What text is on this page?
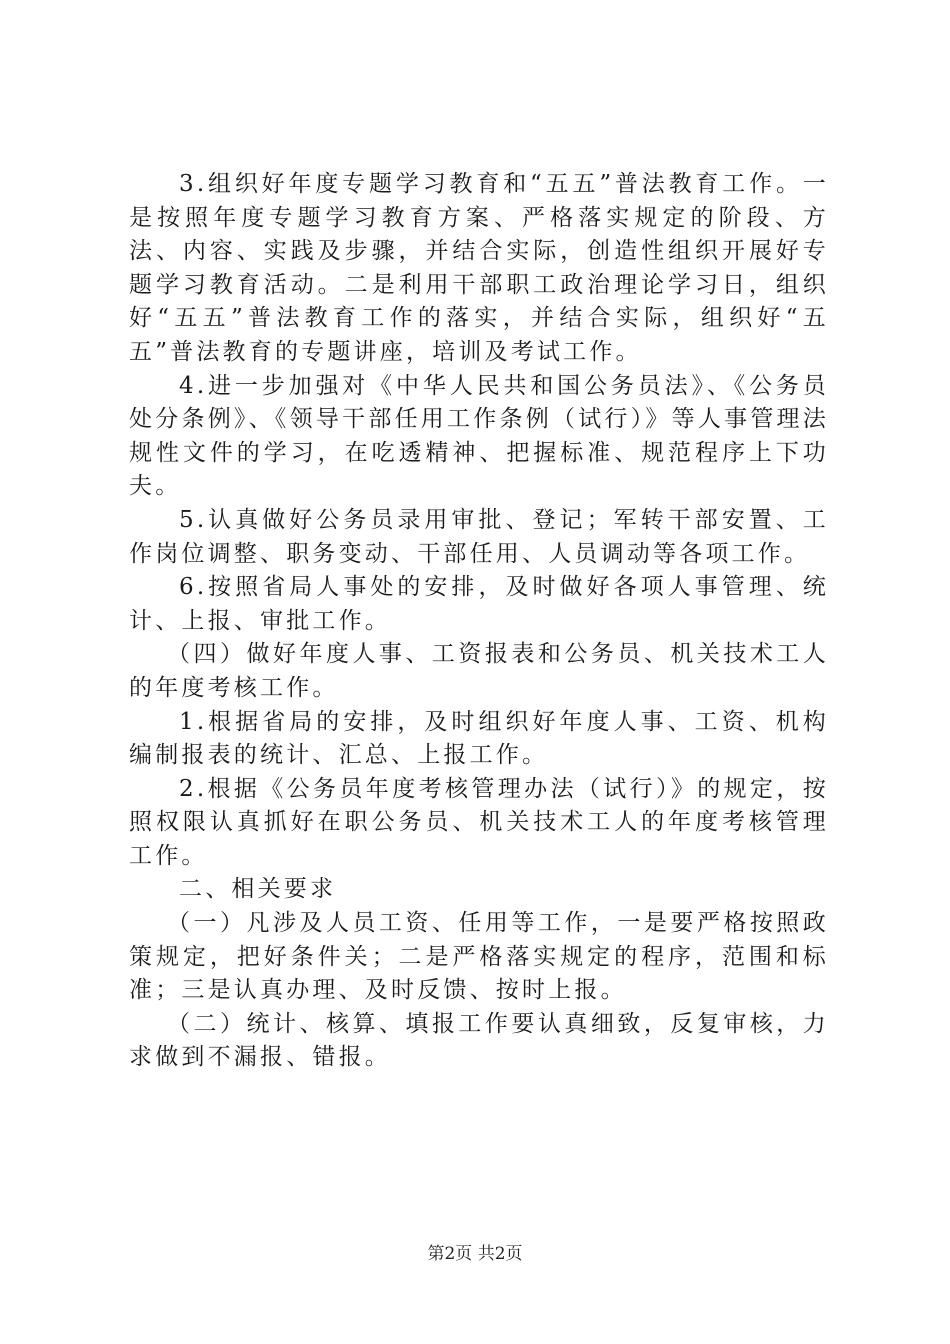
3.组织好年度专题学习教育和“五五”普法教育工作。一是按照年度专题学习教育方案、严格落实规定的阶段、方法、内容、实践及步骤，并结合实际，创造性组织开展好专题学习教育活动。二是利用干部职工政治理论学习日，组织好“五五”普法教育工作的落实，并结合实际，组织好“五五”普法教育的专题讲座，培训及考试工作。

4.进一步加强对《中华人民共和国公务员法》、《公务员处分条例》、《领导干部任用工作条例（试行）》等人事管理法规性文件的学习，在吃透精神、把握标准、规范程序上下功夫。

5.认真做好公务员录用审批、登记；军转干部安置、工作岗位调整、职务变动、干部任用、人员调动等各项工作。

6.按照省局人事处的安排，及时做好各项人事管理、统计、上报、审批工作。

（四）做好年度人事、工资报表和公务员、机关技术工人的年度考核工作。

1.根据省局的安排，及时组织好年度人事、工资、机构编制报表的统计、汇总、上报工作。

2.根据《公务员年度考核管理办法（试行）》的规定，按照权限认真抓好在职公务员、机关技术工人的年度考核管理工作。

二、相关要求

（一）凡涉及人员工资、任用等工作，一是要严格按照政策规定，把好条件关；二是严格落实规定的程序，范围和标准；三是认真办理、及时反馈、按时上报。

（二）统计、核算、填报工作要认真细致，反复审核，力求做到不漏报、错报。

第2页 共2页
